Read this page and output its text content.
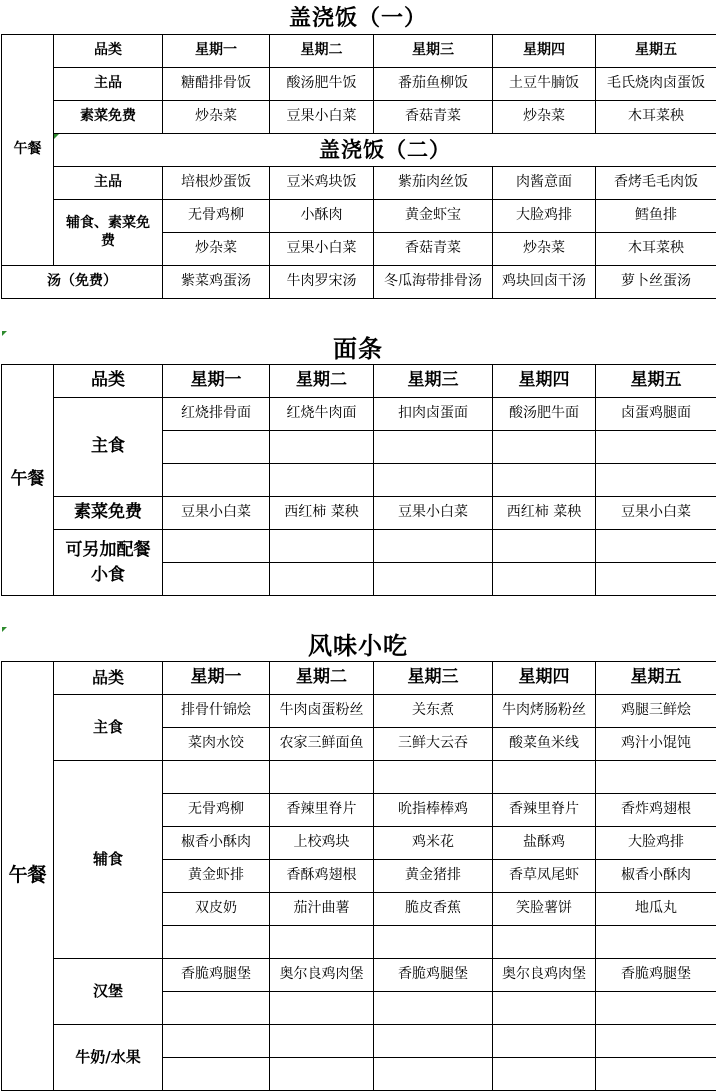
盖浇饭（一）
午餐	品类	星期一	星期二	星期三	星期四	星期五
	主品	糖醋排骨饭	酸汤肥牛饭	番茄鱼柳饭	土豆牛腩饭	毛氏烧肉卤蛋饭
	素菜免费	炒杂菜	豆果小白菜	香菇青菜	炒杂菜	木耳菜秧
	盖浇饭（二）					
	主品	培根炒蛋饭	豆米鸡块饭	紫茄肉丝饭	肉酱意面	香烤毛毛肉饭
	辅食、素菜免费	无骨鸡柳	小酥肉	黄金虾宝	大脸鸡排	鳕鱼排
		炒杂菜	豆果小白菜	香菇青菜	炒杂菜	木耳菜秧
汤（免费）		紫菜鸡蛋汤	牛肉罗宋汤	冬瓜海带排骨汤	鸡块回卤干汤	萝卜丝蛋汤
面条
午餐	品类	星期一	星期二	星期三	星期四	星期五
	主食	红烧排骨面	红烧牛肉面	扣肉卤蛋面	酸汤肥牛面	卤蛋鸡腿面

	素菜免费	豆果小白菜	西红柿 菜秧	豆果小白菜	西红柿 菜秧	豆果小白菜
	可另加配餐小食					

风味小吃
午餐	品类	星期一	星期二	星期三	星期四	星期五
	主食	排骨什锦烩	牛肉卤蛋粉丝	关东煮	牛肉烤肠粉丝	鸡腿三鲜烩
		菜肉水饺	农家三鲜面鱼	三鲜大云吞	酸菜鱼米线	鸡汁小馄饨
	辅食					
		无骨鸡柳	香辣里脊片	吮指棒棒鸡	香辣里脊片	香炸鸡翅根
		椒香小酥肉	上校鸡块	鸡米花	盐酥鸡	大脸鸡排
		黄金虾排	香酥鸡翅根	黄金猪排	香草凤尾虾	椒香小酥肉
		双皮奶	茄汁曲薯	脆皮香蕉	笑脸薯饼	地瓜丸

	汉堡	香脆鸡腿堡	奥尔良鸡肉堡	香脆鸡腿堡	奥尔良鸡肉堡	香脆鸡腿堡

	牛奶/水果					
